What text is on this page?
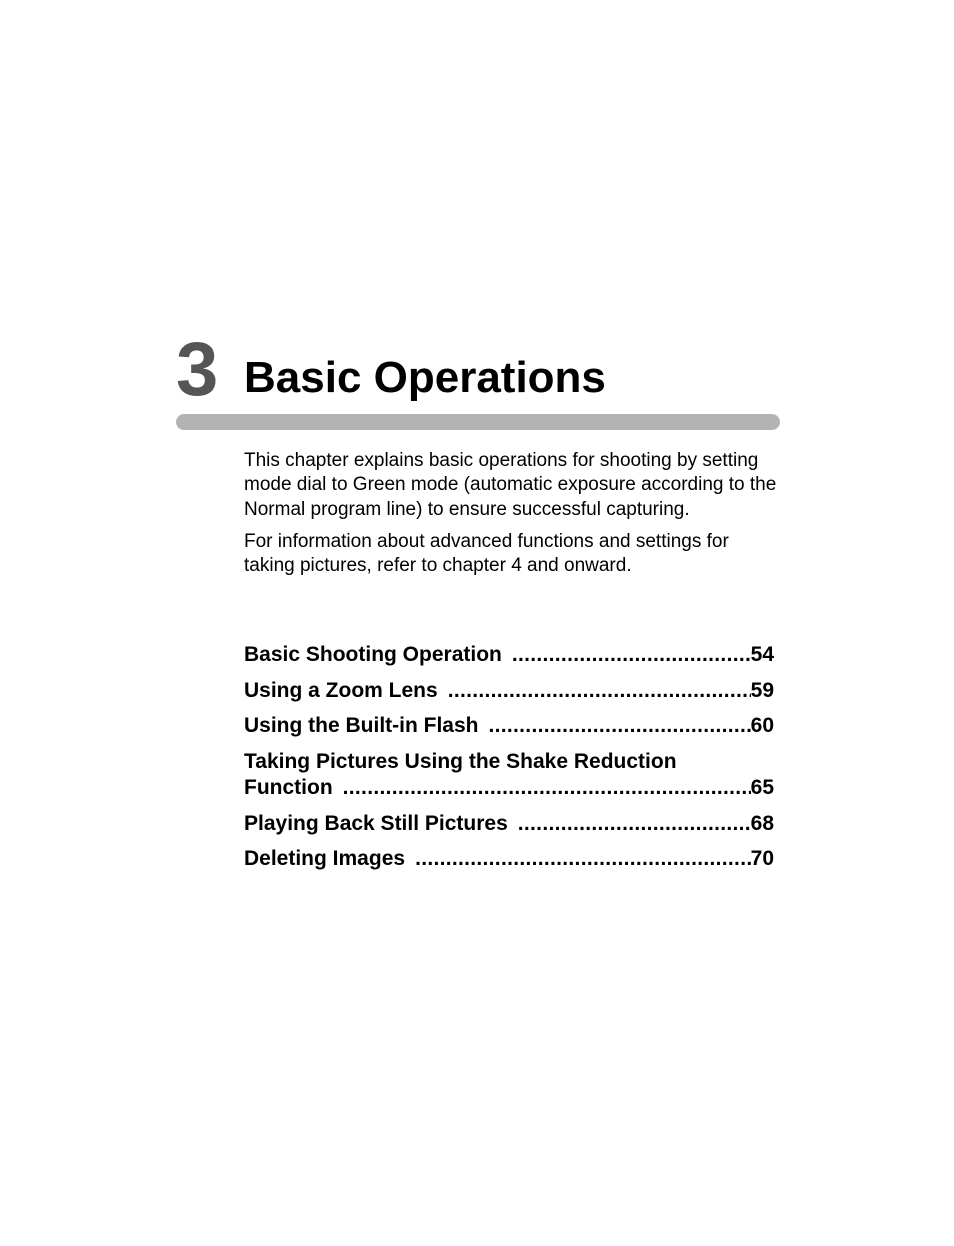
3 Basic Operations

This chapter explains basic operations for shooting by setting mode dial to Green mode (automatic exposure according to the Normal program line) to ensure successful capturing.

For information about advanced functions and settings for taking pictures, refer to chapter 4 and onward.

Basic Shooting Operation .....	54
Using a Zoom Lens .....	59
Using the Built-in Flash .....	60
Taking Pictures Using the Shake Reduction
Function .....	65
Playing Back Still Pictures .....	68
Deleting Images .....	70
